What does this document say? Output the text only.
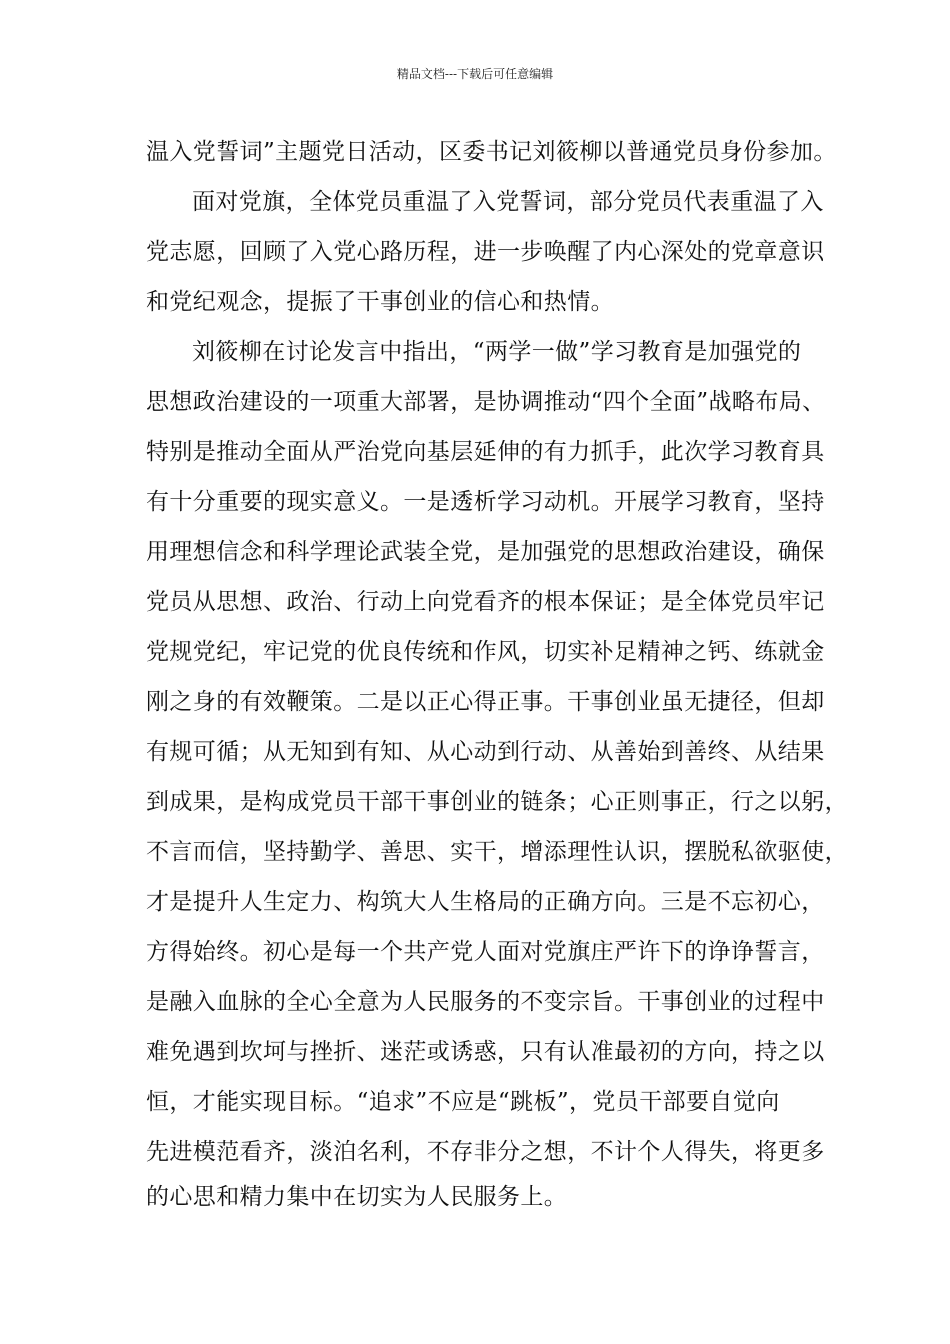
精品文档---下载后可任意编辑
温入党誓词”主题党日活动，区委书记刘筱柳以普通党员身份参加。
面对党旗，全体党员重温了入党誓词，部分党员代表重温了入
党志愿，回顾了入党心路历程，进一步唤醒了内心深处的党章意识
和党纪观念，提振了干事创业的信心和热情。
刘筱柳在讨论发言中指出，“两学一做”学习教育是加强党的
思想政治建设的一项重大部署，是协调推动“四个全面”战略布局、
特别是推动全面从严治党向基层延伸的有力抓手，此次学习教育具
有十分重要的现实意义。一是透析学习动机。开展学习教育，坚持
用理想信念和科学理论武装全党，是加强党的思想政治建设，确保
党员从思想、政治、行动上向党看齐的根本保证；是全体党员牢记
党规党纪，牢记党的优良传统和作风，切实补足精神之钙、练就金
刚之身的有效鞭策。二是以正心得正事。干事创业虽无捷径，但却
有规可循；从无知到有知、从心动到行动、从善始到善终、从结果
到成果，是构成党员干部干事创业的链条；心正则事正，行之以躬，
不言而信，坚持勤学、善思、实干，增添理性认识，摆脱私欲驱使，
才是提升人生定力、构筑大人生格局的正确方向。三是不忘初心，
方得始终。初心是每一个共产党人面对党旗庄严许下的诤诤誓言，
是融入血脉的全心全意为人民服务的不变宗旨。干事创业的过程中
难免遇到坎坷与挫折、迷茫或诱惑，只有认准最初的方向，持之以
恒，才能实现目标。“追求”不应是“跳板”，党员干部要自觉向
先进模范看齐，淡泊名利，不存非分之想，不计个人得失，将更多
的心思和精力集中在切实为人民服务上。
